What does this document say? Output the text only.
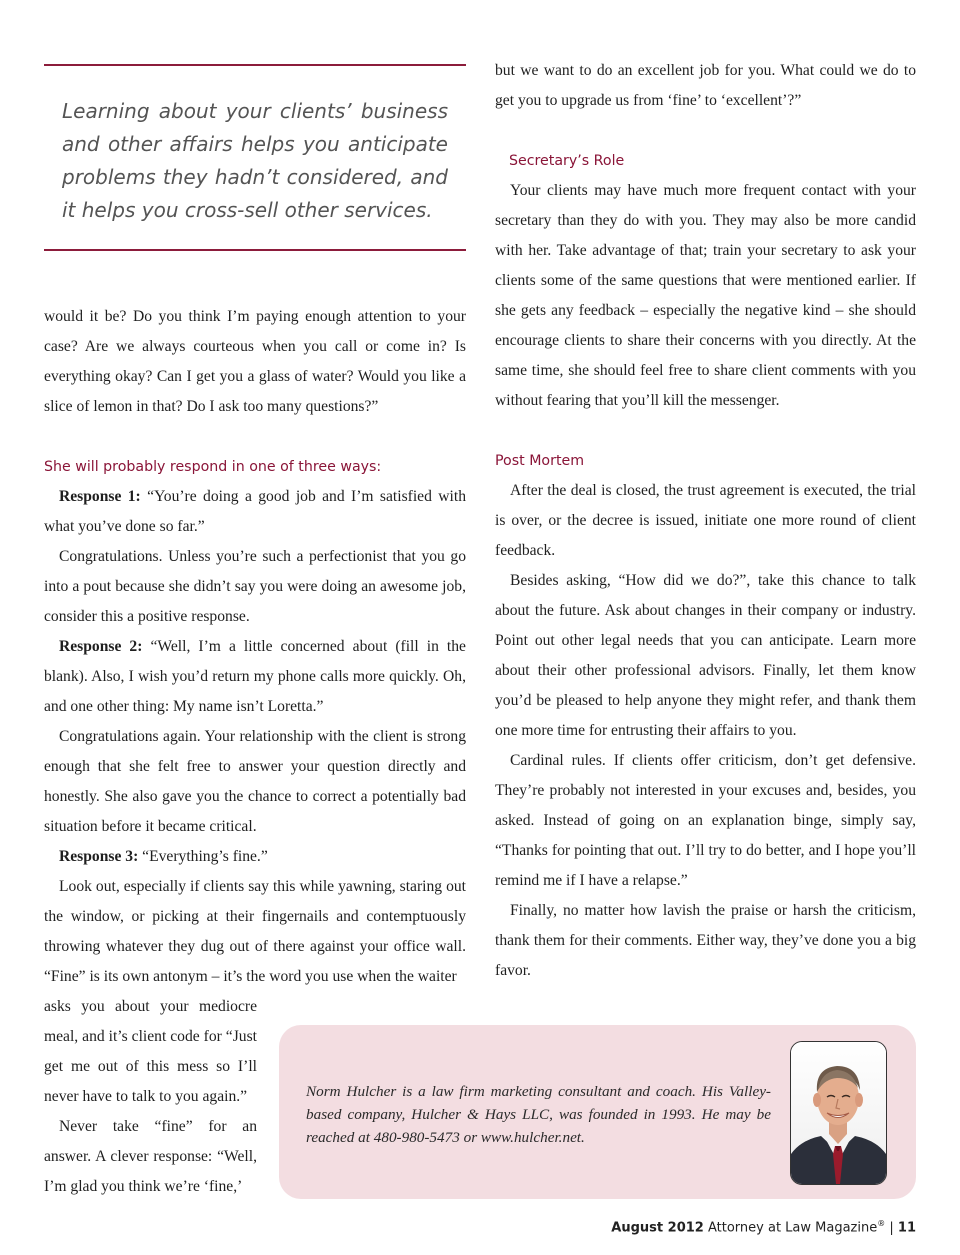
Learning about your clients’ business and other affairs helps you anticipate problems they hadn’t considered, and it helps you cross-sell other services.

would it be? Do you think I’m paying enough attention to your case? Are we always courteous when you call or come in? Is everything okay? Can I get you a glass of water? Would you like a slice of lemon in that? Do I ask too many questions?”

She will probably respond in one of three ways:

Response 1: “You’re doing a good job and I’m satisfied with what you’ve done so far.”

Congratulations. Unless you’re such a perfectionist that you go into a pout because she didn’t say you were doing an awesome job, consider this a positive response.

Response 2: “Well, I’m a little concerned about (fill in the blank). Also, I wish you’d return my phone calls more quickly. Oh, and one other thing: My name isn’t Loretta.”

Congratulations again. Your relationship with the client is strong enough that she felt free to answer your question directly and honestly. She also gave you the chance to correct a potentially bad situation before it became critical.

Response 3: “Everything’s fine.”

Look out, especially if clients say this while yawning, staring out the window, or picking at their fingernails and contemptuously throwing whatever they dug out of there against your office wall. “Fine” is its own antonym – it’s the word you use when the waiter

asks you about your mediocre meal, and it’s client code for “Just get me out of this mess so I’ll never have to talk to you again.”

Never take “fine” for an answer. A clever response: “Well, I’m glad you think we’re ‘fine,’

but we want to do an excellent job for you. What could we do to get you to upgrade us from ‘fine’ to ‘excellent’?”

Secretary’s Role

Your clients may have much more frequent contact with your secretary than they do with you. They may also be more candid with her. Take advantage of that; train your secretary to ask your clients some of the same questions that were mentioned earlier. If she gets any feedback – especially the negative kind – she should encourage clients to share their concerns with you directly. At the same time, she should feel free to share client comments with you without fearing that you’ll kill the messenger.

Post Mortem

After the deal is closed, the trust agreement is executed, the trial is over, or the decree is issued, initiate one more round of client feedback.

Besides asking, “How did we do?”, take this chance to talk about the future. Ask about changes in their company or industry. Point out other legal needs that you can anticipate. Learn more about their other professional advisors. Finally, let them know you’d be pleased to help anyone they might refer, and thank them one more time for entrusting their affairs to you.

Cardinal rules. If clients offer criticism, don’t get defensive. They’re probably not interested in your excuses and, besides, you asked. Instead of going on an explanation binge, simply say, “Thanks for pointing that out. I’ll try to do better, and I hope you’ll remind me if I have a relapse.”

Finally, no matter how lavish the praise or harsh the criticism, thank them for their comments. Either way, they’ve done you a big favor.

Norm Hulcher is a law firm marketing consultant and coach. His Valley-based company, Hulcher & Hays LLC, was founded in 1993. He may be reached at 480-980-5473 or www.hulcher.net.
August 2012 Attorney at Law Magazine® | 11
